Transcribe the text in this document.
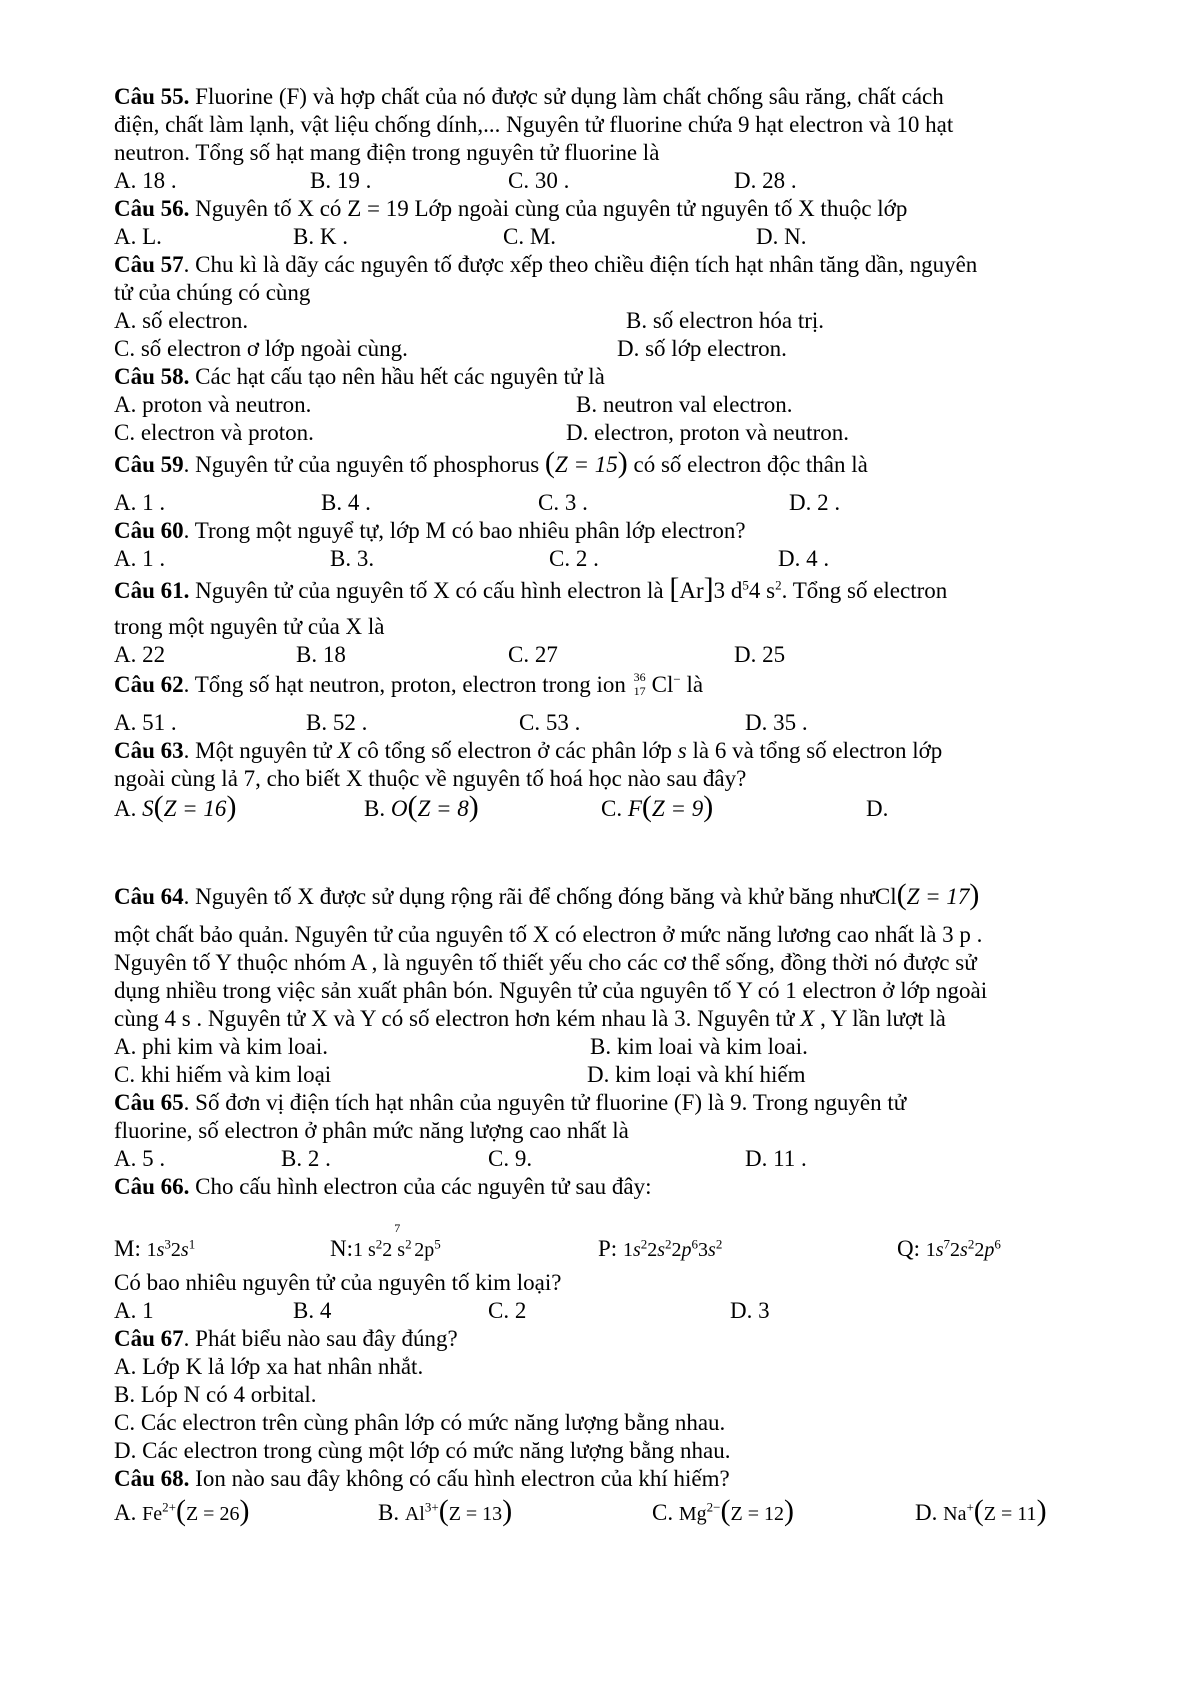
Câu 55. Fluorine (F) và hợp chất của nó được sử dụng làm chất chống sâu răng, chất cách
điện, chất làm lạnh, vật liệu chống dính,... Nguyên tử fluorine chứa 9 hạt electron và 10 hạt
neutron. Tổng số hạt mang điện trong nguyên tử fluorine là
A. 18 .	B. 19 .	C. 30 .	D. 28 .
Câu 56. Nguyên tố X có Z = 19 Lớp ngoài cùng của nguyên tử nguyên tố X thuộc lớp
A. L.	B. K .	C. M.	D. N.
Câu 57. Chu kì là dãy các nguyên tố được xếp theo chiều điện tích hạt nhân tăng dần, nguyên
tử của chúng có cùng
A. số electron.	B. số electron hóa trị.
C. số electron ơ lớp ngoài cùng.	D. số lớp electron.
Câu 58. Các hạt cấu tạo nên hầu hết các nguyên tử là
A. proton và neutron.	B. neutron val electron.
C. electron và proton.	D. electron, proton và neutron.
Câu 59. Nguyên tử của nguyên tố phosphorus (Z = 15) có số electron độc thân là
A. 1 .	B. 4 .	C. 3 .	D. 2 .
Câu 60. Trong một nguyể tự, lớp M có bao nhiêu phân lớp electron?
A. 1 .	B. 3.	C. 2 .	D. 4 .
Câu 61. Nguyên tử của nguyên tố X có cấu hình electron là [Ar]3 $d^54$ $s^2$. Tổng số electron
trong một nguyên tử của X là
A. 22	B. 18	C. 27	D. 25
Câu 62. Tổng số hạt neutron, proton, electron trong ion 36
17 Cl− là
A. 51 .	B. 52 .	C. 53 .	D. 35 .
Câu 63. Một nguyên tử X cô tổng số electron ở các phân lớp s là 6 và tổng số electron lớp
ngoài cùng lả 7, cho biết X thuộc về nguyên tố hoá học nào sau đây?
A. S(Z = 16)	B. O(Z = 8)	C. F(Z = 9)	D.
Câu 64. Nguyên tố X được sử dụng rộng rãi để chống đóng băng và khử băng nhưCl(Z = 17)
một chất bảo quản. Nguyên tử của nguyên tố X có electron ở mức năng lương cao nhất là 3 p .
Nguyên tố Y thuộc nhóm A , là nguyên tố thiết yếu cho các cơ thể sống, đồng thời nó được sử
dụng nhiều trong việc sản xuất phân bón. Nguyên tử của nguyên tố Y có 1 electron ở lớp ngoài
cùng 4 s . Nguyên tử X và Y có số electron hơn kém nhau là 3. Nguyên tử X , Y lần lượt là
A. phi kim và kim loai.	B. kim loai và kim loai.
C. khi hiếm và kim loại	D. kim loại và khí hiếm
Câu 65. Số đơn vị điện tích hạt nhân của nguyên tử fluorine (F) là 9. Trong nguyên tử
fluorine, số electron ở phân mức năng lượng cao nhất là
A. 5 .	B. 2 .	C. 9.	D. 11 .
Câu 66. Cho cấu hình electron của các nguyên tử sau đây:
M: $1s^32s^1$	N:1 $s^22$
7
$s^2$ $2p^5$	P: $1s^22s^22p^63s^2$	Q: $1s^72s^22p^6$
Có bao nhiêu nguyên tử của nguyên tố kim loại?
A. 1	B. 4	C. 2	D. 3
Câu 67. Phát biểu nào sau đây đúng?
A. Lớp K lả lớp xa hat nhân nhắt.
B. Lóp N có 4 orbital.
C. Các electron trên cùng phân lớp có mức năng lượng bằng nhau.
D. Các electron trong cùng một lớp có mức năng lượng bằng nhau.
Câu 68. Ion nào sau đây không có cấu hình electron của khí hiếm?
A. $Fe^{2+}(Z = 26)$	B. $Al^{3+}(Z = 13)$	C. $Mg^{2-}(Z = 12)$	D. Na+(Z = 11)
